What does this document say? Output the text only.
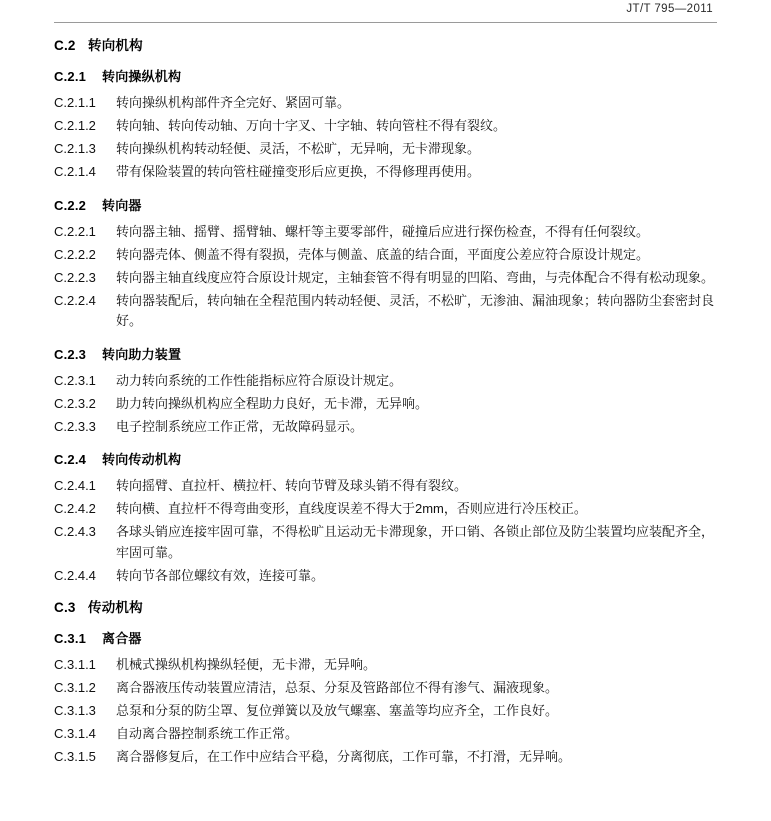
JT/T 795—2011
C.2 转向机构
C.2.1 转向操纵机构
C.2.1.1	转向操纵机构部件齐全完好、紧固可靠。
C.2.1.2	转向轴、转向传动轴、万向十字叉、十字轴、转向管柱不得有裂纹。
C.2.1.3	转向操纵机构转动轻便、灵活，不松旷，无异响，无卡滞现象。
C.2.1.4	带有保险装置的转向管柱碰撞变形后应更换，不得修理再使用。
C.2.2 转向器
C.2.2.1	转向器主轴、摇臂、摇臂轴、螺杆等主要零部件，碰撞后应进行探伤检查，不得有任何裂纹。
C.2.2.2	转向器壳体、侧盖不得有裂损，壳体与侧盖、底盖的结合面，平面度公差应符合原设计规定。
C.2.2.3	转向器主轴直线度应符合原设计规定，主轴套管不得有明显的凹陷、弯曲，与壳体配合不得有松动现象。
C.2.2.4	转向器装配后，转向轴在全程范围内转动轻便、灵活，不松旷，无渗油、漏油现象；转向器防尘套密封良好。
C.2.3 转向助力装置
C.2.3.1	动力转向系统的工作性能指标应符合原设计规定。
C.2.3.2	助力转向操纵机构应全程助力良好，无卡滞，无异响。
C.2.3.3	电子控制系统应工作正常，无故障码显示。
C.2.4 转向传动机构
C.2.4.1	转向摇臂、直拉杆、横拉杆、转向节臂及球头销不得有裂纹。
C.2.4.2	转向横、直拉杆不得弯曲变形，直线度误差不得大于2mm，否则应进行冷压校正。
C.2.4.3	各球头销应连接牢固可靠，不得松旷且运动无卡滞现象，开口销、各锁止部位及防尘装置均应装配齐全，牢固可靠。
C.2.4.4	转向节各部位螺纹有效，连接可靠。
C.3 传动机构
C.3.1 离合器
C.3.1.1	机械式操纵机构操纵轻便，无卡滞，无异响。
C.3.1.2	离合器液压传动装置应清洁，总泵、分泵及管路部位不得有渗气、漏液现象。
C.3.1.3	总泵和分泵的防尘罩、复位弹簧以及放气螺塞、塞盖等均应齐全，工作良好。
C.3.1.4	自动离合器控制系统工作正常。
C.3.1.5	离合器修复后，在工作中应结合平稳，分离彻底，工作可靠，不打滑，无异响。
